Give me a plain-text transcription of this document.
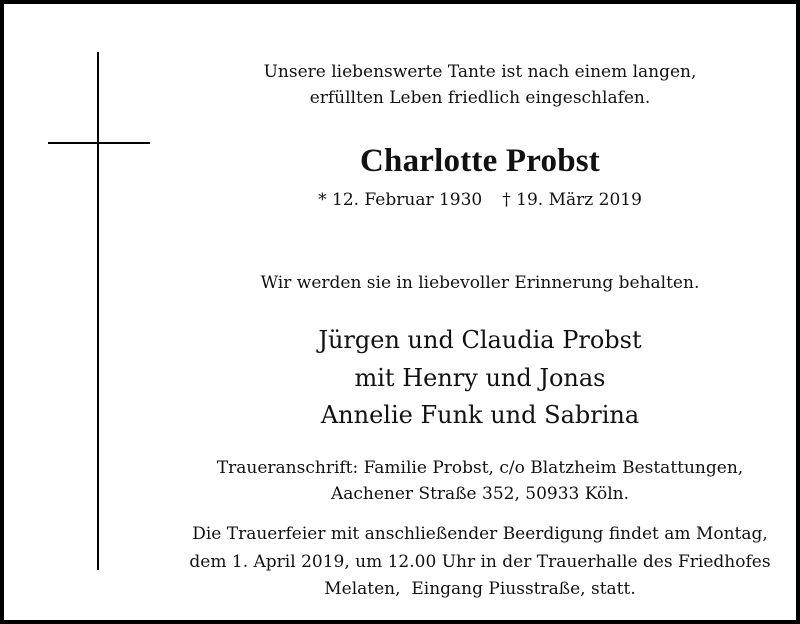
Unsere liebenswerte Tante ist nach einem langen,
erfüllten Leben friedlich eingeschlafen.
Charlotte Probst
* 12. Februar 1930 † 19. März 2019
Wir werden sie in liebevoller Erinnerung behalten.
Jürgen und Claudia Probst
mit Henry und Jonas
Annelie Funk und Sabrina
Traueranschrift: Familie Probst, c/o Blatzheim Bestattungen,
Aachener Straße 352, 50933 Köln.
Die Trauerfeier mit anschließender Beerdigung findet am Montag,
dem 1. April 2019, um 12.00 Uhr in der Trauerhalle des Friedhofes
Melaten,  Eingang Piusstraße, statt.
